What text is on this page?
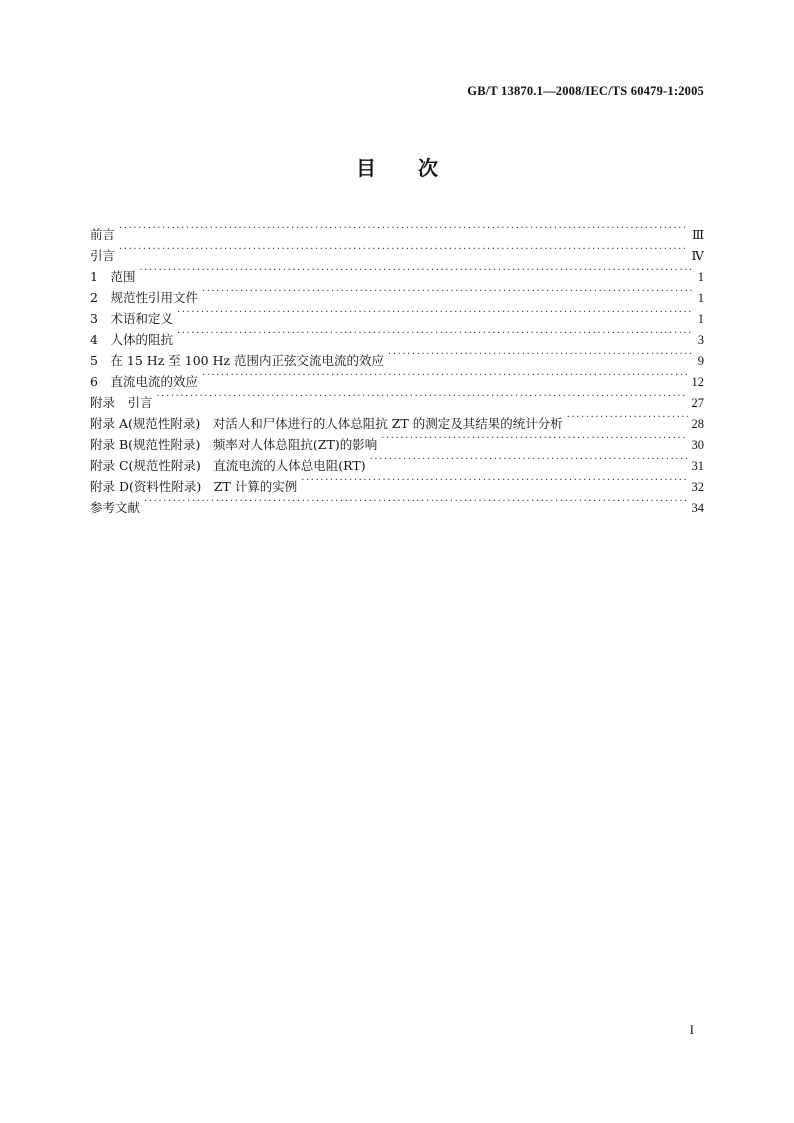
GB/T 13870.1—2008/IEC/TS 60479-1:2005
目 次
前言 ·····	Ⅲ
引言 ·····	Ⅳ
1　范围 ·····	1
2　规范性引用文件 ·····	1
3　术语和定义 ·····	1
4　人体的阻抗 ·····	3
5　在 15 Hz 至 100 Hz 范围内正弦交流电流的效应 ·····	9
6　直流电流的效应 ·····	12
附录　引言 ·····	27
附录 A(规范性附录)　对活人和尸体进行的人体总阻抗 ZT 的测定及其结果的统计分析 ·····	28
附录 B(规范性附录)　频率对人体总阻抗(ZT)的影响 ·····	30
附录 C(规范性附录)　直流电流的人体总电阻(RT) ·····	31
附录 D(资料性附录)　ZT 计算的实例 ·····	32
参考文献 ·····	34
I
